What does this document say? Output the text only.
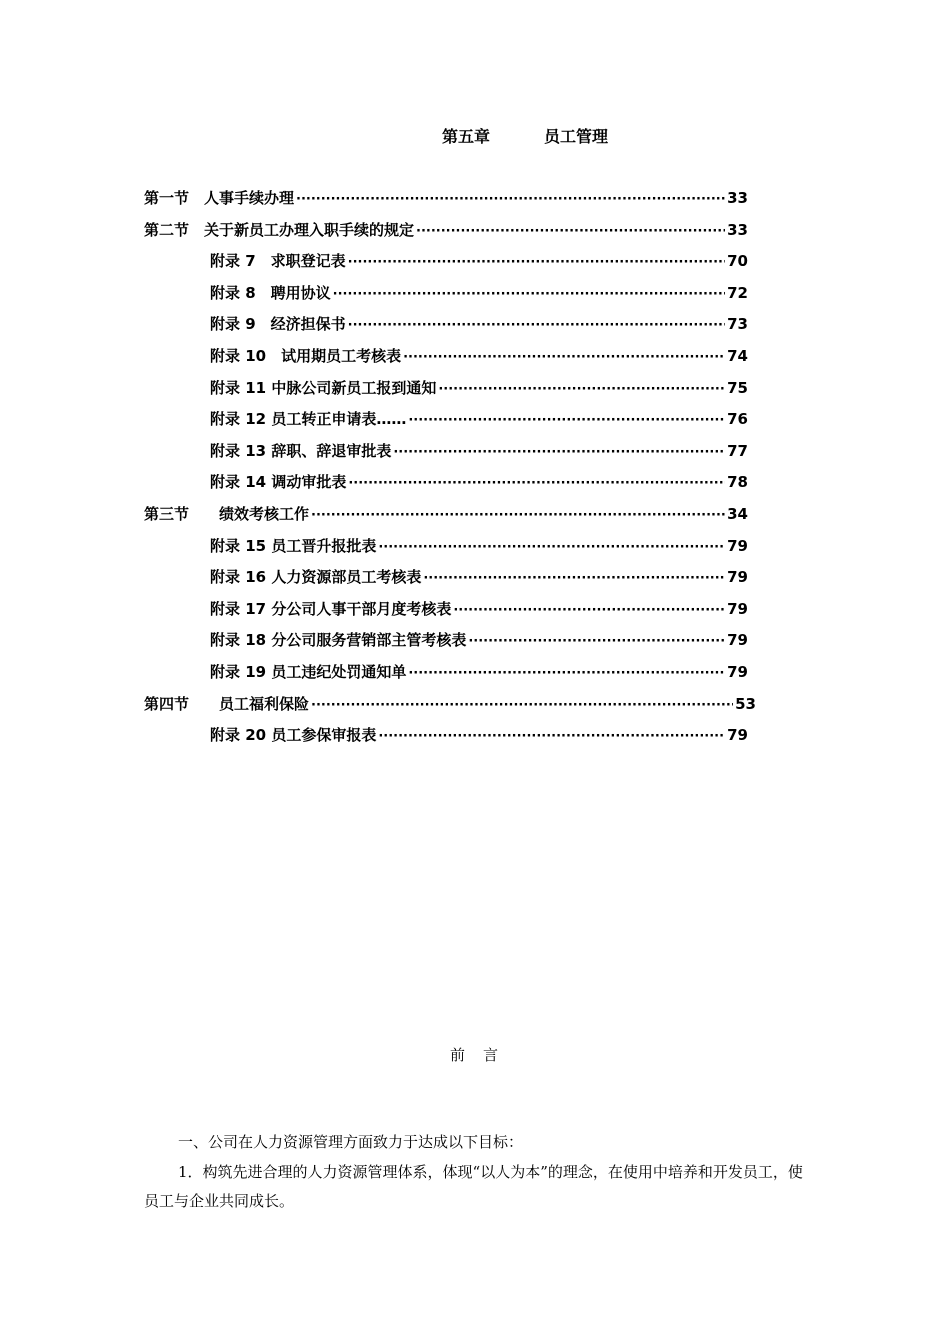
第五章	员工管理
第一节　人事手续办理 ·····	33
第二节　关于新员工办理入职手续的规定 ·····	33
附录 7　求职登记表 ·····	70
附录 8　聘用协议 ·····	72
附录 9　经济担保书 ·····	73
附录 10　试用期员工考核表 ·····	74
附录 11 中脉公司新员工报到通知 ·····	75
附录 12 员工转正申请表…… ·····	76
附录 13 辞职、辞退审批表 ·····	77
附录 14 调动审批表 ·····	78
第三节　　绩效考核工作 ·····	34
附录 15 员工晋升报批表 ·····	79
附录 16 人力资源部员工考核表 ·····	79
附录 17 分公司人事干部月度考核表 ·····	79
附录 18 分公司服务营销部主管考核表 ·····	79
附录 19 员工违纪处罚通知单 ·····	79
第四节　　员工福利保险 ·····	53
附录 20 员工参保审报表 ·····	79
前言
一、公司在人力资源管理方面致力于达成以下目标：
1．构筑先进合理的人力资源管理体系，体现“以人为本”的理念，在使用中培养和开发员工，使员工与企业共同成长。
